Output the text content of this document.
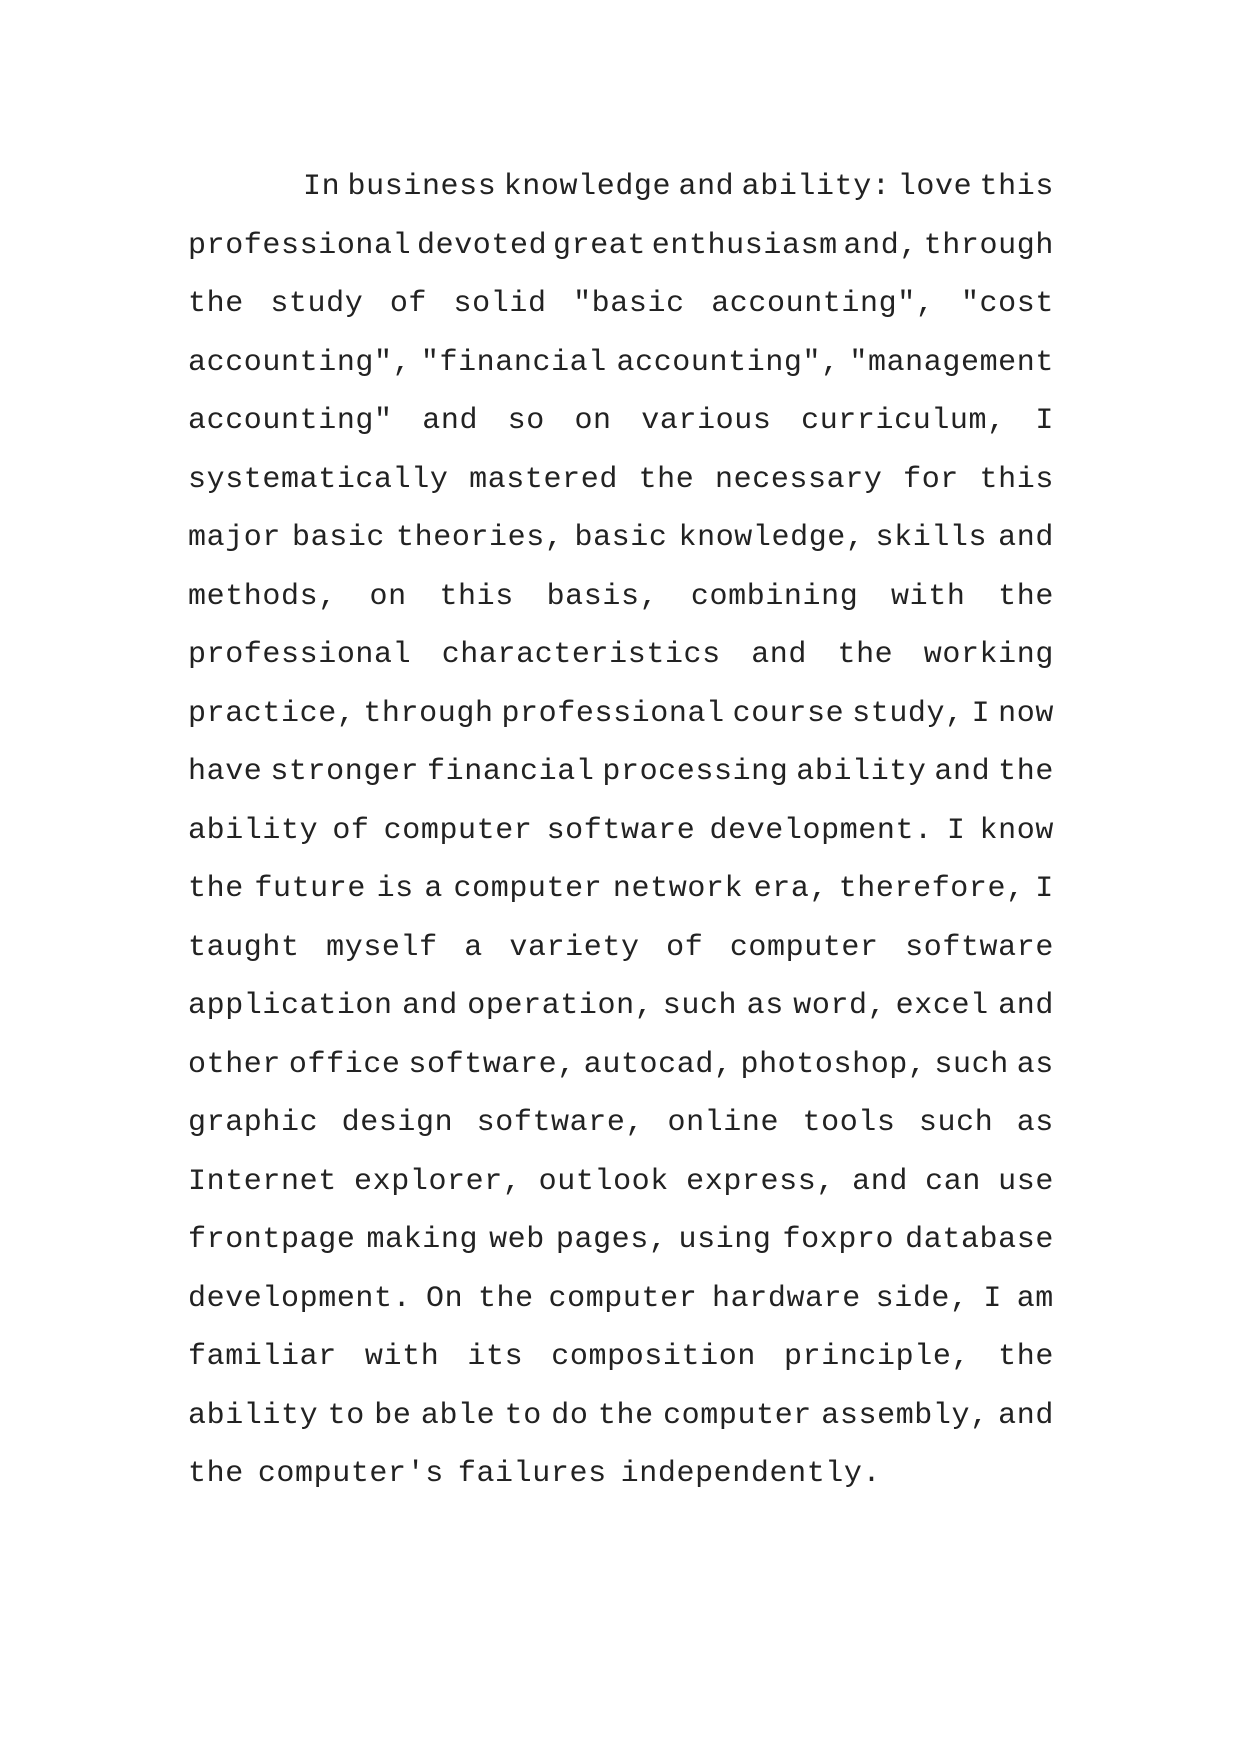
In business knowledge and ability: love this
professional devoted great enthusiasm and, through
the study of solid "basic accounting", "cost
accounting", "financial accounting", "management
accounting" and so on various curriculum, I
systematically mastered the necessary for this
major basic theories, basic knowledge, skills and
methods, on this basis, combining with the
professional characteristics and the working
practice, through professional course study, I now
have stronger financial processing ability and the
ability of computer software development. I know
the future is a computer network era, therefore, I
taught myself a variety of computer software
application and operation, such as word, excel and
other office software, autocad, photoshop, such as
graphic design software, online tools such as
Internet explorer, outlook express, and can use
frontpage making web pages, using foxpro database
development. On the computer hardware side, I am
familiar with its composition principle, the
ability to be able to do the computer assembly, and
the computer's failures independently.
